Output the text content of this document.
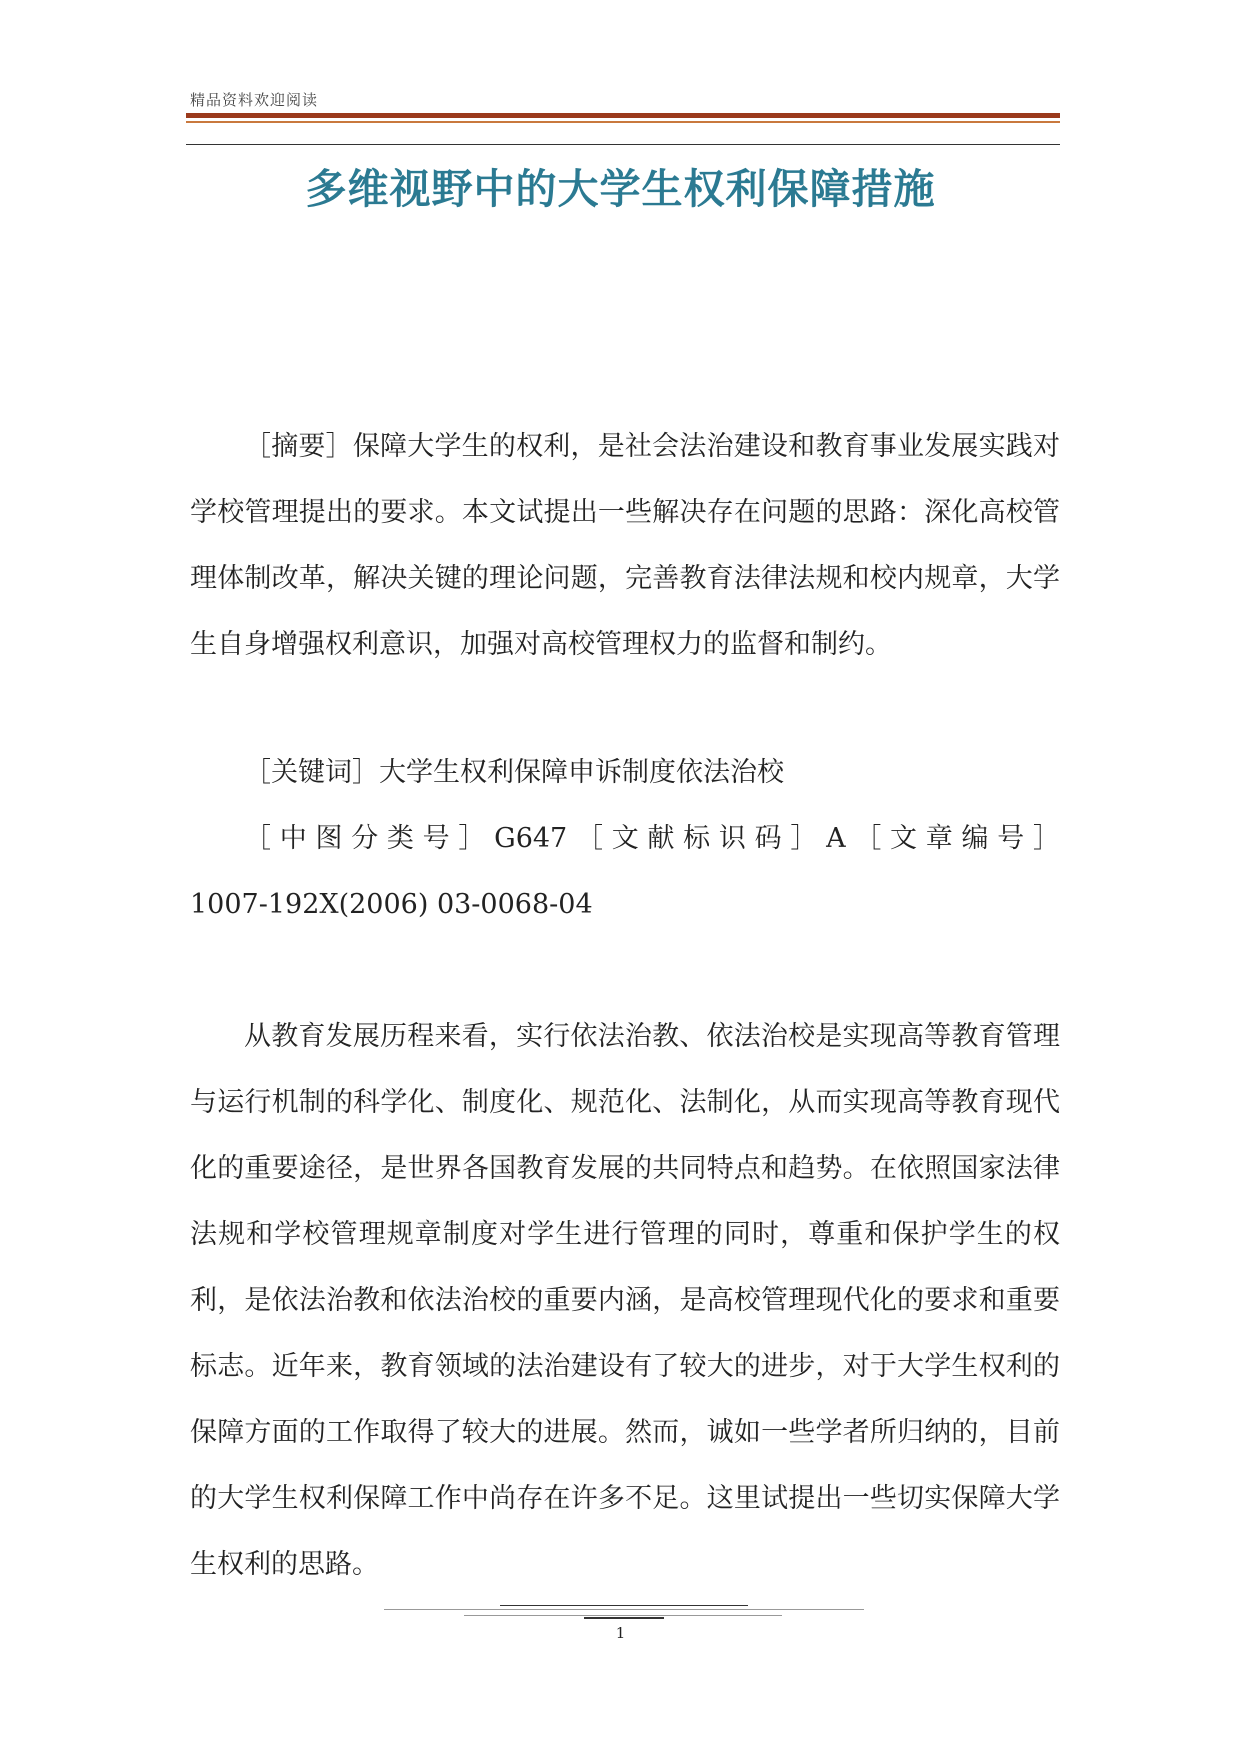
精品资料欢迎阅读
多维视野中的大学生权利保障措施
［摘要］保障大学生的权利，是社会法治建设和教育事业发展实践对学校管理提出的要求。本文试提出一些解决存在问题的思路：深化高校管理体制改革，解决关键的理论问题，完善教育法律法规和校内规章，大学生自身增强权利意识，加强对高校管理权力的监督和制约。
［关键词］大学生权利保障申诉制度依法治校
［中图分类号］G647［文献标识码］A［文章编号］
1007-192X(2006) 03-0068-04
从教育发展历程来看，实行依法治教、依法治校是实现高等教育管理与运行机制的科学化、制度化、规范化、法制化，从而实现高等教育现代化的重要途径，是世界各国教育发展的共同特点和趋势。在依照国家法律法规和学校管理规章制度对学生进行管理的同时，尊重和保护学生的权利，是依法治教和依法治校的重要内涵，是高校管理现代化的要求和重要标志。近年来，教育领域的法治建设有了较大的进步，对于大学生权利的保障方面的工作取得了较大的进展。然而，诚如一些学者所归纳的，目前的大学生权利保障工作中尚存在许多不足。这里试提出一些切实保障大学生权利的思路。
1
